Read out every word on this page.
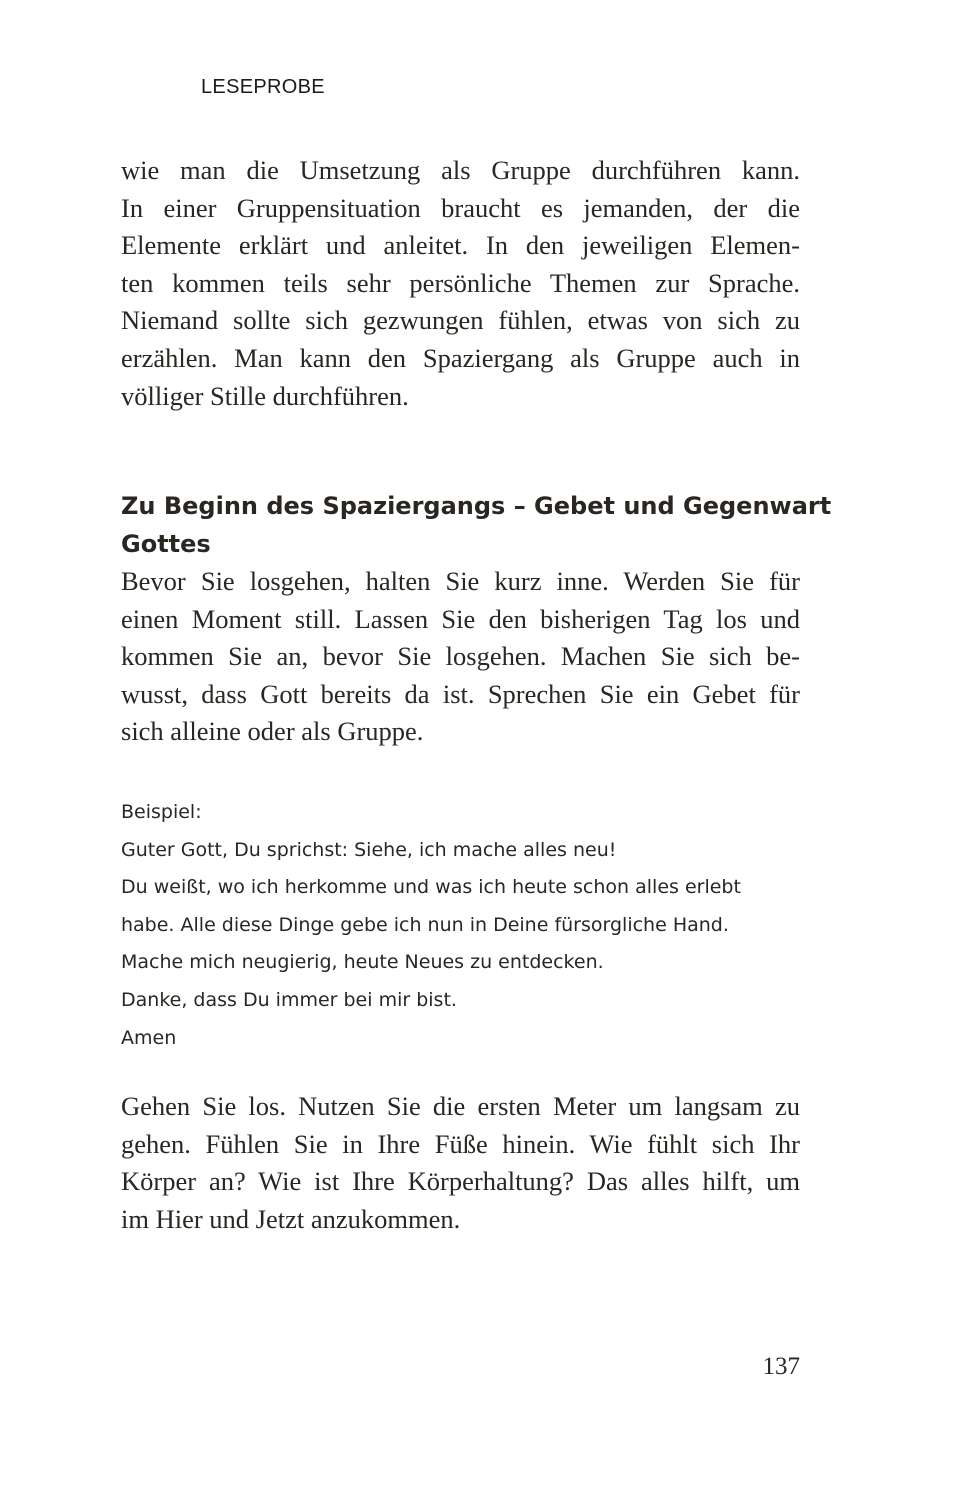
LESEPROBE
wie man die Umsetzung als Gruppe durchführen kann.
In einer Gruppensituation braucht es jemanden, der die
Elemente erklärt und anleitet. In den jeweiligen Elemen-
ten kommen teils sehr persönliche Themen zur Sprache.
Niemand sollte sich gezwungen fühlen, etwas von sich zu
erzählen. Man kann den Spaziergang als Gruppe auch in
völliger Stille durchführen.
Zu Beginn des Spaziergangs – Gebet und Gegenwart
Gottes
Bevor Sie losgehen, halten Sie kurz inne. Werden Sie für
einen Moment still. Lassen Sie den bisherigen Tag los und
kommen Sie an, bevor Sie losgehen. Machen Sie sich be-
wusst, dass Gott bereits da ist. Sprechen Sie ein Gebet für
sich alleine oder als Gruppe.
Beispiel:
Guter Gott, Du sprichst: Siehe, ich mache alles neu!
Du weißt, wo ich herkomme und was ich heute schon alles erlebt
habe. Alle diese Dinge gebe ich nun in Deine fürsorgliche Hand.
Mache mich neugierig, heute Neues zu entdecken.
Danke, dass Du immer bei mir bist.
Amen
Gehen Sie los. Nutzen Sie die ersten Meter um langsam zu
gehen. Fühlen Sie in Ihre Füße hinein. Wie fühlt sich Ihr
Körper an? Wie ist Ihre Körperhaltung? Das alles hilft, um
im Hier und Jetzt anzukommen.
137
